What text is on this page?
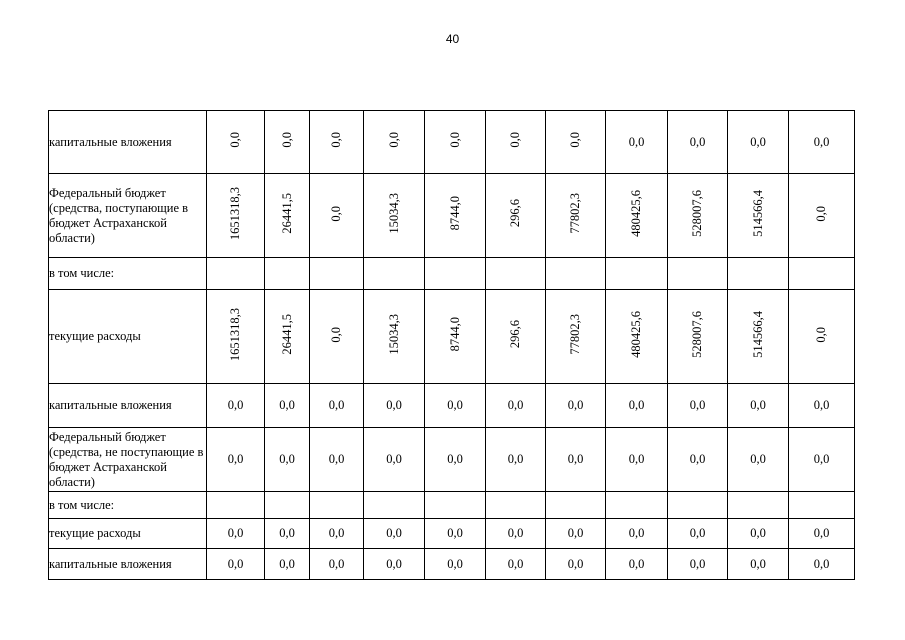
40
капитальные вложения	0,0	0,0	0,0	0,0	0,0	0,0	0,0	0,0	0,0	0,0	0,0
Федеральный бюджет (средства, поступающие в бюджет Астраханской области)	1651318,3	26441,5	0,0	15034,3	8744,0	296,6	77802,3	480425,6	528007,6	514566,4	0,0
в том числе:											
текущие расходы	1651318,3	26441,5	0,0	15034,3	8744,0	296,6	77802,3	480425,6	528007,6	514566,4	0,0
капитальные вложения	0,0	0,0	0,0	0,0	0,0	0,0	0,0	0,0	0,0	0,0	0,0
Федеральный бюджет (средства, не поступающие в бюджет Астраханской области)	0,0	0,0	0,0	0,0	0,0	0,0	0,0	0,0	0,0	0,0	0,0
в том числе:											
текущие расходы	0,0	0,0	0,0	0,0	0,0	0,0	0,0	0,0	0,0	0,0	0,0
капитальные вложения	0,0	0,0	0,0	0,0	0,0	0,0	0,0	0,0	0,0	0,0	0,0
